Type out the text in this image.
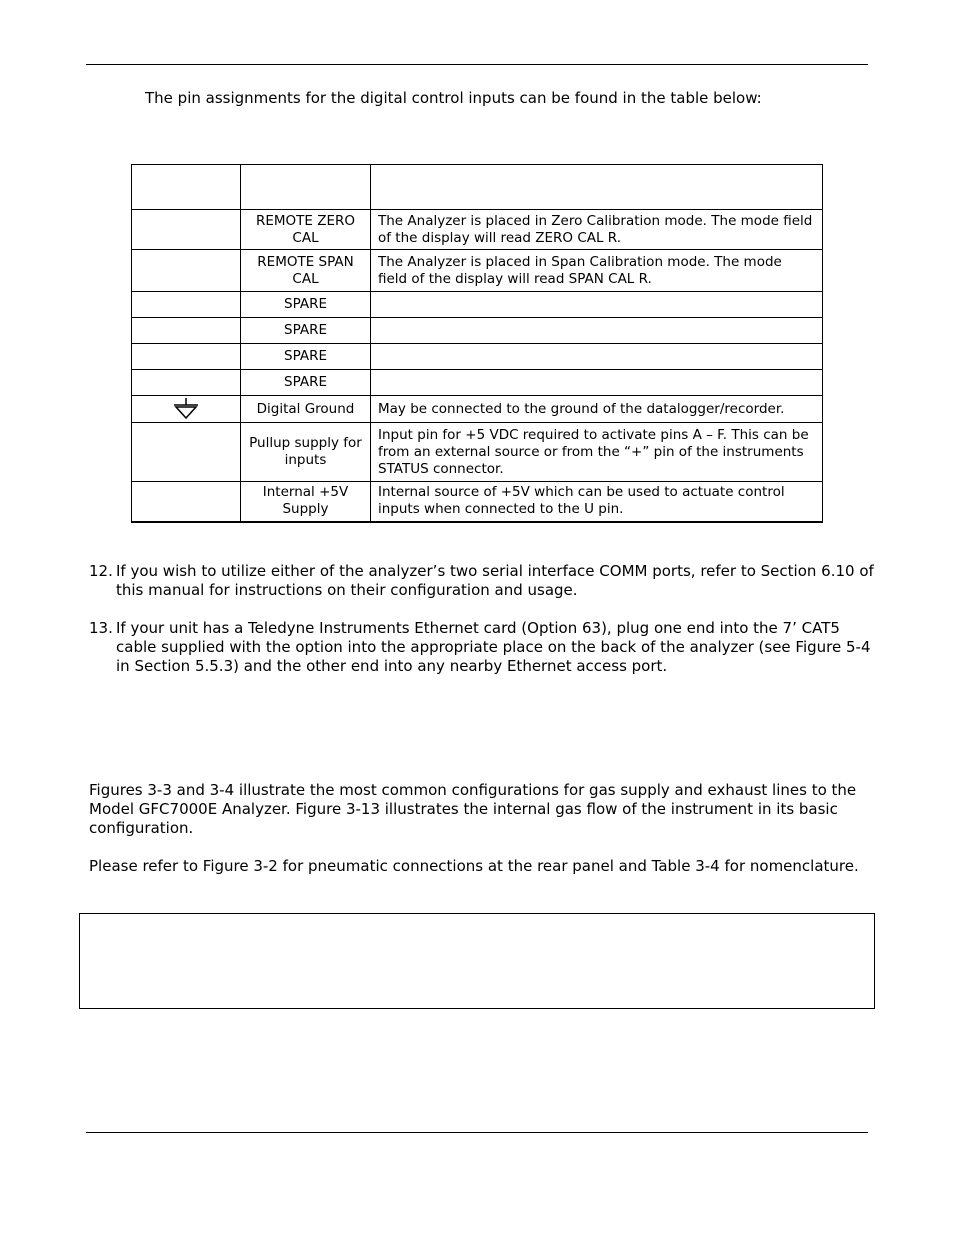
The pin assignments for the digital control inputs can be found in the table below:

	REMOTE ZERO CAL	The Analyzer is placed in Zero Calibration mode. The mode field of the display will read ZERO CAL R.
	REMOTE SPAN CAL	The Analyzer is placed in Span Calibration mode. The mode field of the display will read SPAN CAL R.
	SPARE	
	SPARE	
	SPARE	
	SPARE	

	Digital Ground	May be connected to the ground of the datalogger/recorder.
	Pullup supply for inputs	Input pin for +5 VDC required to activate pins A – F. This can be from an external source or from the “+” pin of the instruments STATUS connector.
	Internal +5V Supply	Internal source of +5V which can be used to actuate control inputs when connected to the U pin.
12. If you wish to utilize either of the analyzer’s two serial interface COMM ports, refer to Section 6.10 of this manual for instructions on their configuration and usage.
13. If your unit has a Teledyne Instruments Ethernet card (Option 63), plug one end into the 7’ CAT5 cable supplied with the option into the appropriate place on the back of the analyzer (see Figure 5-4 in Section 5.5.3) and the other end into any nearby Ethernet access port.
Figures 3-3 and 3-4 illustrate the most common configurations for gas supply and exhaust lines to the Model GFC7000E Analyzer. Figure 3-13 illustrates the internal gas flow of the instrument in its basic configuration.
Please refer to Figure 3-2 for pneumatic connections at the rear panel and Table 3-4 for nomenclature.
